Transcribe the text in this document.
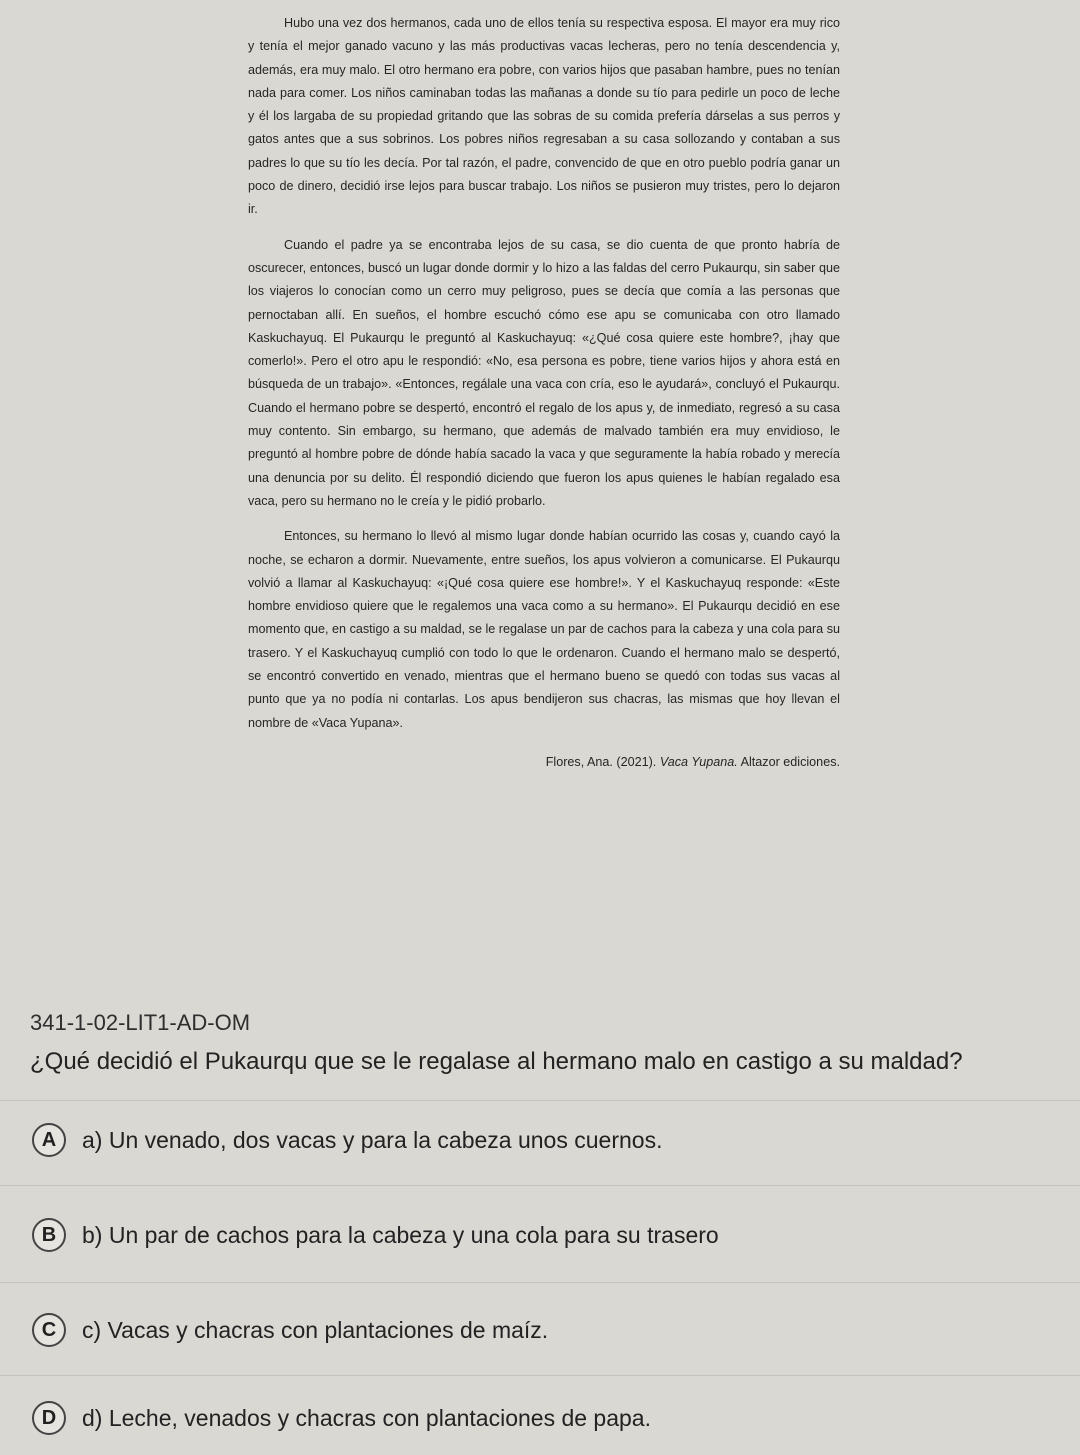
Hubo una vez dos hermanos, cada uno de ellos tenía su respectiva esposa. El mayor era muy rico y tenía el mejor ganado vacuno y las más productivas vacas lecheras, pero no tenía descendencia y, además, era muy malo. El otro hermano era pobre, con varios hijos que pasaban hambre, pues no tenían nada para comer. Los niños caminaban todas las mañanas a donde su tío para pedirle un poco de leche y él los largaba de su propiedad gritando que las sobras de su comida prefería dárselas a sus perros y gatos antes que a sus sobrinos. Los pobres niños regresaban a su casa sollozando y contaban a sus padres lo que su tío les decía. Por tal razón, el padre, convencido de que en otro pueblo podría ganar un poco de dinero, decidió irse lejos para buscar trabajo. Los niños se pusieron muy tristes, pero lo dejaron ir.

Cuando el padre ya se encontraba lejos de su casa, se dio cuenta de que pronto habría de oscurecer, entonces, buscó un lugar donde dormir y lo hizo a las faldas del cerro Pukaurqu, sin saber que los viajeros lo conocían como un cerro muy peligroso, pues se decía que comía a las personas que pernoctaban allí. En sueños, el hombre escuchó cómo ese apu se comunicaba con otro llamado Kaskuchayuq. El Pukaurqu le preguntó al Kaskuchayuq: «¿Qué cosa quiere este hombre?, ¡hay que comerlo!». Pero el otro apu le respondió: «No, esa persona es pobre, tiene varios hijos y ahora está en búsqueda de un trabajo». «Entonces, regálale una vaca con cría, eso le ayudará», concluyó el Pukaurqu. Cuando el hermano pobre se despertó, encontró el regalo de los apus y, de inmediato, regresó a su casa muy contento. Sin embargo, su hermano, que además de malvado también era muy envidioso, le preguntó al hombre pobre de dónde había sacado la vaca y que seguramente la había robado y merecía una denuncia por su delito. Él respondió diciendo que fueron los apus quienes le habían regalado esa vaca, pero su hermano no le creía y le pidió probarlo.

Entonces, su hermano lo llevó al mismo lugar donde habían ocurrido las cosas y, cuando cayó la noche, se echaron a dormir. Nuevamente, entre sueños, los apus volvieron a comunicarse. El Pukaurqu volvió a llamar al Kaskuchayuq: «¡Qué cosa quiere ese hombre!». Y el Kaskuchayuq responde: «Este hombre envidioso quiere que le regalemos una vaca como a su hermano». El Pukaurqu decidió en ese momento que, en castigo a su maldad, se le regalase un par de cachos para la cabeza y una cola para su trasero. Y el Kaskuchayuq cumplió con todo lo que le ordenaron. Cuando el hermano malo se despertó, se encontró convertido en venado, mientras que el hermano bueno se quedó con todas sus vacas al punto que ya no podía ni contarlas. Los apus bendijeron sus chacras, las mismas que hoy llevan el nombre de «Vaca Yupana».

Flores, Ana. (2021). Vaca Yupana. Altazor ediciones.

341-1-02-LIT1-AD-OM
¿Qué decidió el Pukaurqu que se le regalase al hermano malo en castigo a su maldad?
A	a) Un venado, dos vacas y para la cabeza unos cuernos.
B	b) Un par de cachos para la cabeza y una cola para su trasero
C	c) Vacas y chacras con plantaciones de maíz.
D	d) Leche, venados y chacras con plantaciones de papa.
